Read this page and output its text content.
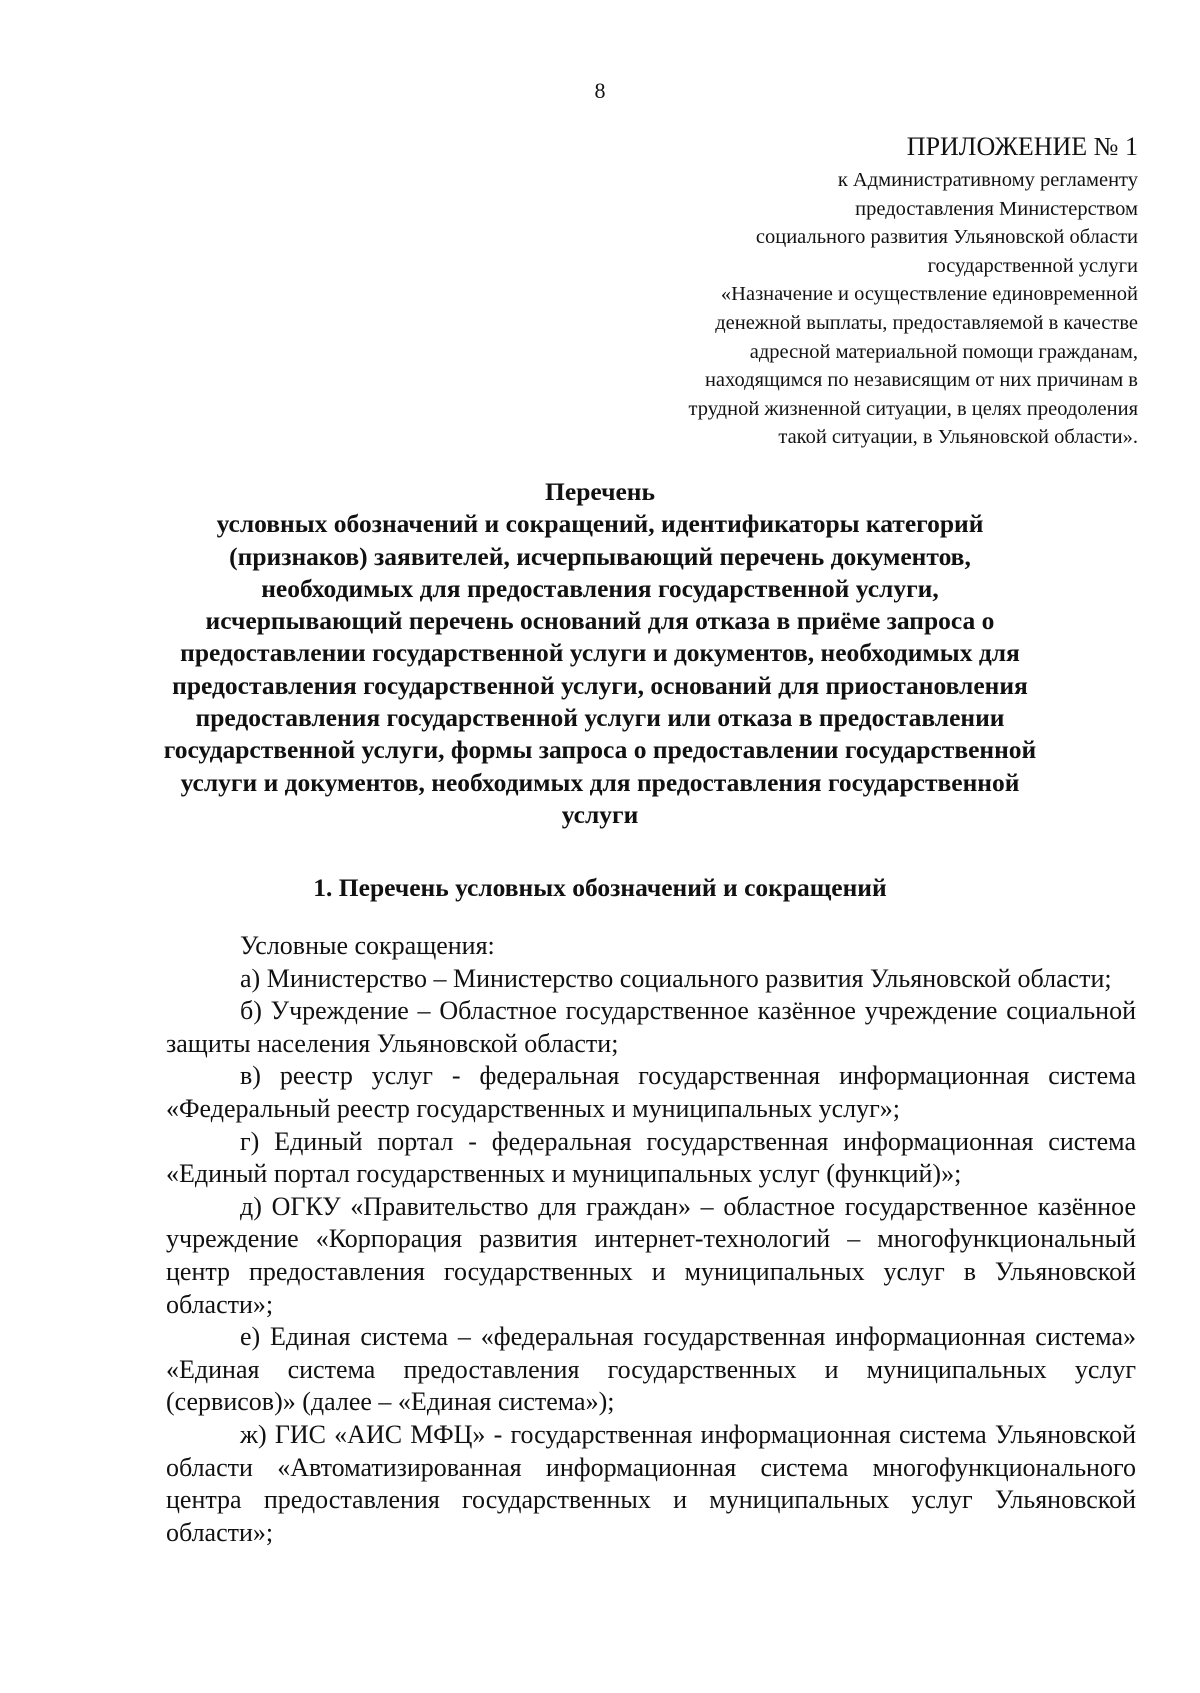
8
ПРИЛОЖЕНИЕ № 1
к Административному регламенту
предоставления Министерством
социального развития Ульяновской области
государственной услуги
«Назначение и осуществление единовременной
денежной выплаты, предоставляемой в качестве
адресной материальной помощи гражданам,
находящимся по независящим от них причинам в
трудной жизненной ситуации, в целях преодоления
такой ситуации, в Ульяновской области».
Перечень
условных обозначений и сокращений, идентификаторы категорий
(признаков) заявителей, исчерпывающий перечень документов,
необходимых для предоставления государственной услуги,
исчерпывающий перечень оснований для отказа в приёме запроса о
предоставлении государственной услуги и документов, необходимых для
предоставления государственной услуги, оснований для приостановления
предоставления государственной услуги или отказа в предоставлении
государственной услуги, формы запроса о предоставлении государственной
услуги и документов, необходимых для предоставления государственной
услуги
1. Перечень условных обозначений и сокращений

Условные сокращения:

а) Министерство – Министерство социального развития Ульяновской области;

б) Учреждение – Областное государственное казённое учреждение социальной защиты населения Ульяновской области;

в) реестр услуг - федеральная государственная информационная система «Федеральный реестр государственных и муниципальных услуг»;

г) Единый портал - федеральная государственная информационная система «Единый портал государственных и муниципальных услуг (функций)»;

д) ОГКУ «Правительство для граждан» – областное государственное казённое учреждение «Корпорация развития интернет-технологий – многофункциональный центр предоставления государственных и муниципальных услуг в Ульяновской области»;

е) Единая система – «федеральная государственная информационная система» «Единая система предоставления государственных и муниципальных услуг (сервисов)» (далее – «Единая система»);

ж) ГИС «АИС МФЦ» - государственная информационная система Ульяновской области «Автоматизированная информационная система многофункционального центра предоставления государственных и муниципальных услуг Ульяновской области»;
